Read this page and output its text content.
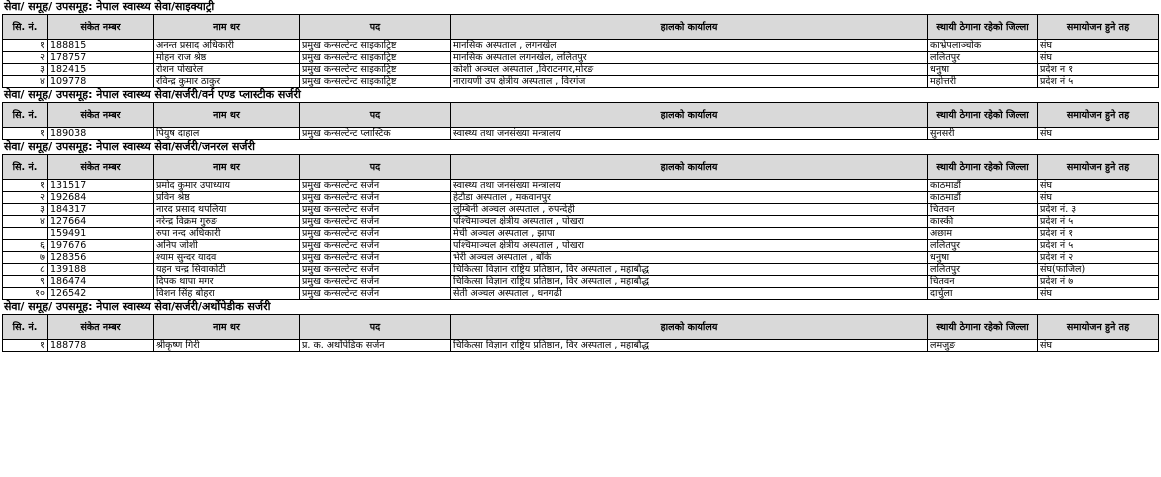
सेवा/ समूह/ उपसमूह: नेपाल स्वास्थ्य सेवा/साइक्याट्री
सि. नं.	संकेत नम्बर	नाम थर	पद	हालको कार्यालय	स्थायी ठेगाना रहेको जिल्ला	समायोजन हुने तह
१	188815	अनन्त प्रसाद अधिकारी	प्रमुख कन्सल्टेन्ट साइकाट्रिष्ट	मानसिक अस्पताल , लगनखेल	काभ्रेपलाञ्चोक	संघ
२	178757	मोहन राज श्रेष्ठ	प्रमुख कन्सल्टेन्ट साइकाट्रिष्ट	मानसिक अस्पताल लगनखेल, ललितपुर	ललितपुर	संघ
३	182415	रोशन पोखरेल	प्रमुख कन्सल्टेन्ट साइकाट्रिष्ट	कोशी अञ्चल अस्पताल ,विराटनगर,मोरङ	धनुषा	प्रदेश न १
४	109778	रविन्द्र कुमार ठाकुर	प्रमुख कन्सल्टेन्ट साइकाट्रिष्ट	नारायणी उप क्षेत्रीय अस्पताल , विरगंज	महोत्तरी	प्रदेश नं ५
सेवा/ समूह/ उपसमूह: नेपाल स्वास्थ्य सेवा/सर्जरी/वर्न एण्ड प्लास्टीक सर्जरी
सि. नं.	संकेत नम्बर	नाम थर	पद	हालको कार्यालय	स्थायी ठेगाना रहेको जिल्ला	समायोजन हुने तह
१	189038	पियुष दाहाल	प्रमुख कन्सल्टेन्ट प्लास्टिक	स्वास्थ्य तथा जनसंख्या मन्त्रालय	सुनसरी	संघ
सेवा/ समूह/ उपसमूह: नेपाल स्वास्थ्य सेवा/सर्जरी/जनरल सर्जरी
सि. नं.	संकेत नम्बर	नाम थर	पद	हालको कार्यालय	स्थायी ठेगाना रहेको जिल्ला	समायोजन हुने तह
१	131517	प्रमोद कुमार उपाध्याय	प्रमुख कन्सल्टेन्ट सर्जन	स्वास्थ्य तथा जनसंख्या मन्त्रालय	काठमाडौं	संघ
२	192684	प्रविन श्रेष्ठ	प्रमुख कन्सल्टेन्ट सर्जन	हेटौडा अस्पताल , मकवानपुर	काठमाडौं	संघ
३	184317	नारद प्रसाद थपलिया	प्रमुख कन्सल्टेन्ट सर्जन	लुम्बिनी अञ्चल अस्पताल , रुपन्देही	चितवन	प्रदेश नं. ३
४	127664	नरेन्द्र विक्रम गुरुङ	प्रमुख कन्सल्टेन्ट सर्जन	पश्चिमाञ्चल क्षेत्रीय अस्पताल , पोखरा	कास्की	प्रदेश नं ५
	159491	रुपा नन्द अधिकारी	प्रमुख कन्सल्टेन्ट सर्जन	मेची अञ्चल अस्पताल , झापा	अछाम	प्रदेश नं १
६	197676	अनिप जोशी	प्रमुख कन्सल्टेन्ट सर्जन	पश्चिमाञ्चल क्षेत्रीय अस्पताल , पोखरा	ललितपुर	प्रदेश नं ५
७	128356	श्याम सुन्दर यादव	प्रमुख कन्सल्टेन्ट सर्जन	भेरी अञ्चल अस्पताल , बाँके	धनुषा	प्रदेश नं २
८	139188	यहन चन्द्र सिवाकोटी	प्रमुख कन्सल्टेन्ट सर्जन	चिकित्सा विज्ञान राष्ट्रिय प्रतिष्ठान, विर अस्पताल , महाबौद्ध	ललितपुर	संघ(फाजिल)
९	186474	दिपक थापा मगर	प्रमुख कन्सल्टेन्ट सर्जन	चिकित्सा विज्ञान राष्ट्रिय प्रतिष्ठान, विर अस्पताल , महाबौद्ध	चितवन	प्रदेश नं ७
१०	126542	विशन सिंह बोहरा	प्रमुख कन्सल्टेन्ट सर्जन	सेती अञ्चल अस्पताल , धनगढी	दार्चुला	संघ
सेवा/ समूह/ उपसमूह: नेपाल स्वास्थ्य सेवा/सर्जरी/अर्थोपेडीक सर्जरी
सि. नं.	संकेत नम्बर	नाम थर	पद	हालको कार्यालय	स्थायी ठेगाना रहेको जिल्ला	समायोजन हुने तह
१	188778	श्रीकृष्ण गिरी	प्र. क. अर्थोपेडिक सर्जन	चिकित्सा विज्ञान राष्ट्रिय प्रतिष्ठान, विर अस्पताल , महाबौद्ध	लमजुङ	संघ
